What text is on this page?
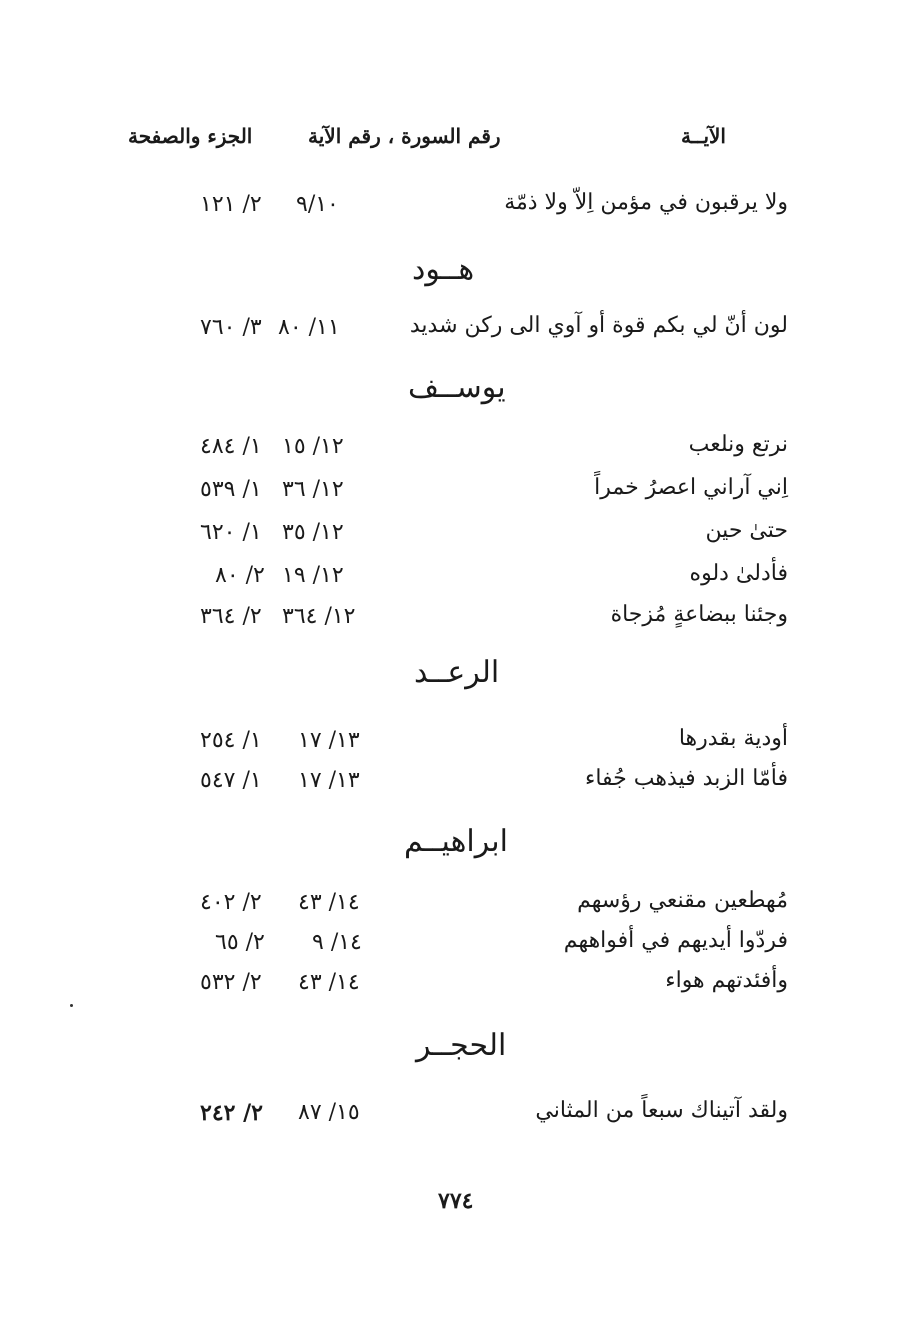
الآيــة
رقم السورة ، رقم الآية
الجزء والصفحة
ولا يرقبون في مؤمن اِلاّ ولا ذمّة
٩/١٠
٢/ ١٢١
هــود
لون أنّ لي بكم قوة أو آوي الى ركن شديد
١١/ ٨٠
٣/ ٧٦٠
يوســف
نرتع ونلعب
١٢/ ١٥
١/ ٤٨٤
اِني آراني اعصرُ خمراً
١٢/ ٣٦
١/ ٥٣٩
حتىٰ حين
١٢/ ٣٥
١/ ٦٢٠
فأدلىٰ دلوه
١٢/ ١٩
٢/ ٨٠
وجئنا ببضاعةٍ مُزجاة
١٢/ ٣٦٤
٢/ ٣٦٤
الرعــد
أودية بقدرها
١٣/ ١٧
١/ ٢٥٤
فأمّا الزبد فيذهب جُفاء
١٣/ ١٧
١/ ٥٤٧
ابراهيــم
مُهطعين مقنعي رؤسهم
١٤/ ٤٣
٢/ ٤٠٢
فردّوا أيديهم في أفواههم
١٤/ ٩
٢/ ٦٥
وأفئدتهم هواء
١٤/ ٤٣
٢/ ٥٣٢
الحجــر
ولقد آتيناك سبعاً من المثاني
١٥/ ٨٧
٢/ ٢٤٢
٧٧٤
